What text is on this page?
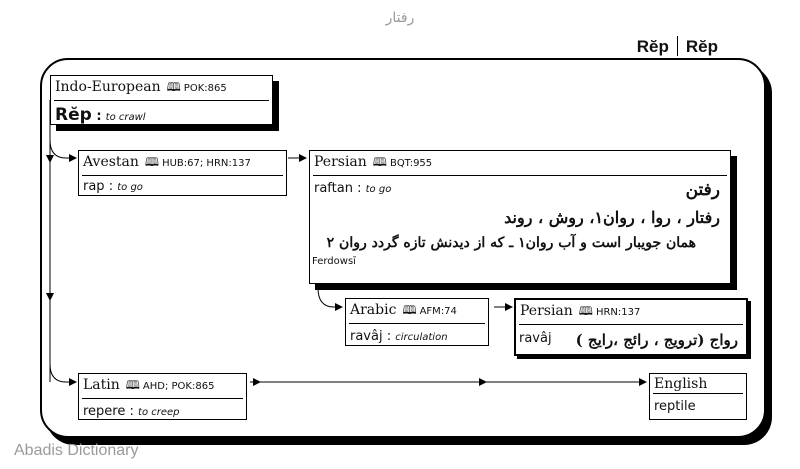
رفتار
Rĕp Rĕp
Indo-European 🕮 POK:865
Rĕp : to crawl
Avestan 🕮 HUB:67; HRN:137
rap : to go
Persian 🕮 BQT:955
raftan : to go	رفتن
رفتار ، روا ، روان۱، روش ، روند
همان جویبار است و آب روان۱ ـ که از دیدنش تازه گردد روان ۲
Ferdowsī
Arabic 🕮 AFM:74
ravâj : circulation
Persian 🕮 HRN:137
ravâj رواج (ترویج ، رائج ،رایج )
Latin 🕮 AHD; POK:865
repere : to creep
English
reptile
Abadis Dictionary
